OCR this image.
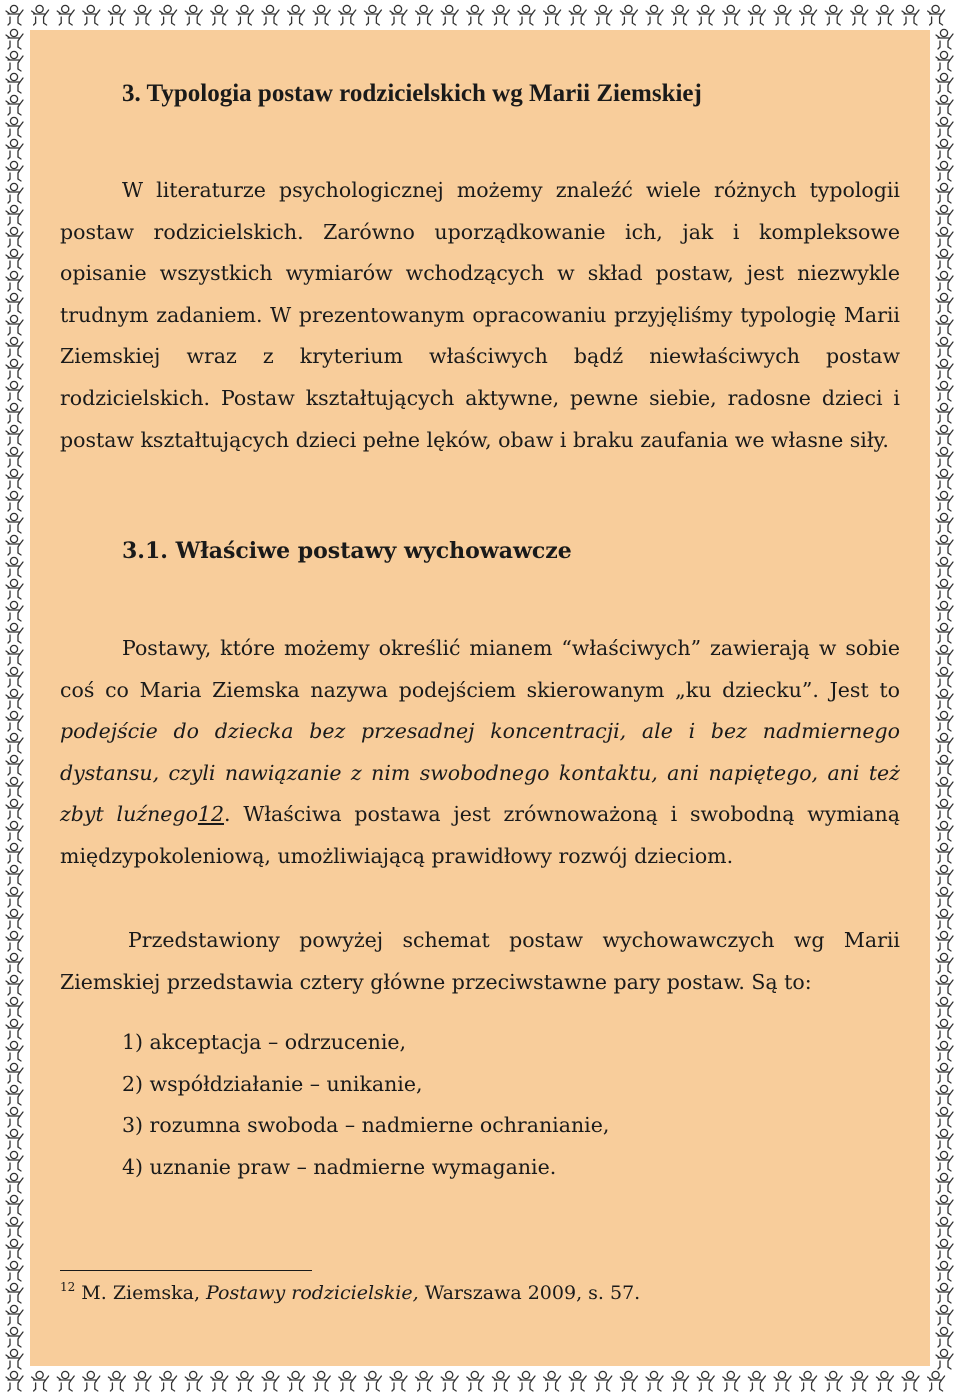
3. Typologia postaw rodzicielskich wg Marii Ziemskiej

W literaturze psychologicznej możemy znaleźć wiele różnych typologii postaw rodzicielskich. Zarówno uporządkowanie ich, jak i kompleksowe opisanie wszystkich wymiarów wchodzących w skład postaw, jest niezwykle trudnym zadaniem. W prezentowanym opracowaniu przyjęliśmy typologię Marii Ziemskiej wraz z kryterium właściwych bądź niewłaściwych postaw rodzicielskich. Postaw kształtujących aktywne, pewne siebie, radosne dzieci i postaw kształtujących dzieci pełne lęków, obaw i braku zaufania we własne siły.

3.1. Właściwe postawy wychowawcze

Postawy, które możemy określić mianem “właściwych” zawierają w sobie coś co Maria Ziemska nazywa podejściem skierowanym „ku dziecku”. Jest to podejście do dziecka bez przesadnej koncentracji, ale i bez nadmiernego dystansu, czyli nawiązanie z nim swobodnego kontaktu, ani napiętego, ani też zbyt luźnego12. Właściwa postawa jest zrównoważoną i swobodną wymianą międzypokoleniową, umożliwiającą prawidłowy rozwój dzieciom.

Przedstawiony powyżej schemat postaw wychowawczych wg Marii Ziemskiej przedstawia cztery główne przeciwstawne pary postaw. Są to:

1) akceptacja – odrzucenie,
2) współdziałanie – unikanie,
3) rozumna swoboda – nadmierne ochranianie,
4) uznanie praw – nadmierne wymaganie.
$^{12}$ M. Ziemska, Postawy rodzicielskie, Warszawa 2009, s. 57.
